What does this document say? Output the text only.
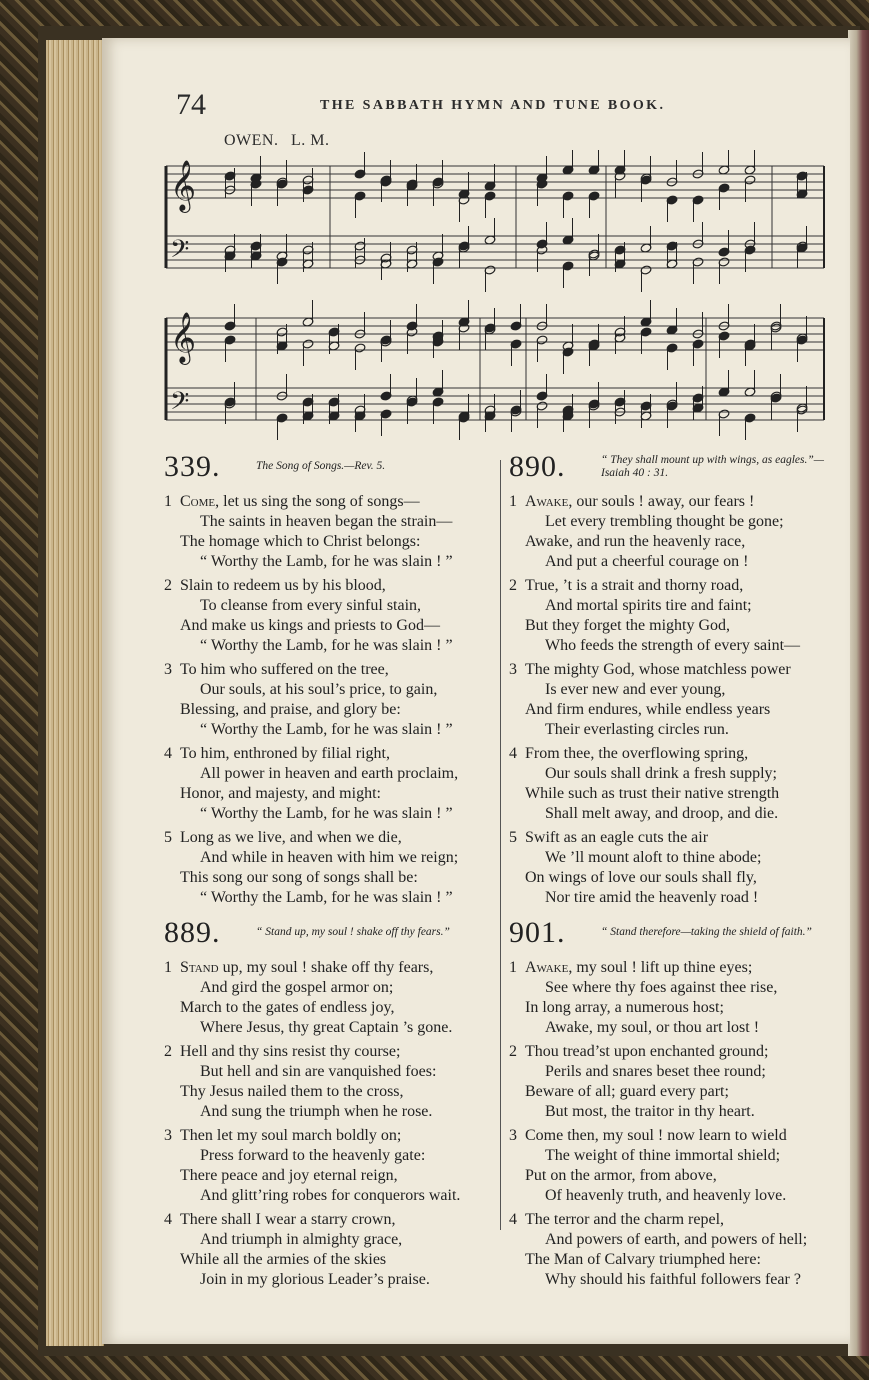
74	THE SABBATH HYMN AND TUNE BOOK.
OWEN. L. M.
𝄞
𝄢
𝄞
𝄢
339.	The Song of Songs.—Rev. 5.
1 Come, let us sing the song of songs—
The saints in heaven began the strain—
The homage which to Christ belongs:
“ Worthy the Lamb, for he was slain ! ”
2 Slain to redeem us by his blood,
To cleanse from every sinful stain,
And make us kings and priests to God—
“ Worthy the Lamb, for he was slain ! ”
3 To him who suffered on the tree,
Our souls, at his soul’s price, to gain,
Blessing, and praise, and glory be:
“ Worthy the Lamb, for he was slain ! ”
4 To him, enthroned by filial right,
All power in heaven and earth proclaim,
Honor, and majesty, and might:
“ Worthy the Lamb, for he was slain ! ”
5 Long as we live, and when we die,
And while in heaven with him we reign;
This song our song of songs shall be:
“ Worthy the Lamb, for he was slain ! ”
889.	“ Stand up, my soul ! shake off thy fears.”
1 Stand up, my soul ! shake off thy fears,
And gird the gospel armor on;
March to the gates of endless joy,
Where Jesus, thy great Captain ’s gone.
2 Hell and thy sins resist thy course;
But hell and sin are vanquished foes:
Thy Jesus nailed them to the cross,
And sung the triumph when he rose.
3 Then let my soul march boldly on;
Press forward to the heavenly gate:
There peace and joy eternal reign,
And glitt’ring robes for conquerors wait.
4 There shall I wear a starry crown,
And triumph in almighty grace,
While all the armies of the skies
Join in my glorious Leader’s praise.
890.	“ They shall mount up with wings, as eagles.”—Isaiah 40 : 31.
1 Awake, our souls ! away, our fears !
Let every trembling thought be gone;
Awake, and run the heavenly race,
And put a cheerful courage on !
2 True, ’t is a strait and thorny road,
And mortal spirits tire and faint;
But they forget the mighty God,
Who feeds the strength of every saint—
3 The mighty God, whose matchless power
Is ever new and ever young,
And firm endures, while endless years
Their everlasting circles run.
4 From thee, the overflowing spring,
Our souls shall drink a fresh supply;
While such as trust their native strength
Shall melt away, and droop, and die.
5 Swift as an eagle cuts the air
We ’ll mount aloft to thine abode;
On wings of love our souls shall fly,
Nor tire amid the heavenly road !
901.	“ Stand therefore—taking the shield of faith.”
1 Awake, my soul ! lift up thine eyes;
See where thy foes against thee rise,
In long array, a numerous host;
Awake, my soul, or thou art lost !
2 Thou tread’st upon enchanted ground;
Perils and snares beset thee round;
Beware of all; guard every part;
But most, the traitor in thy heart.
3 Come then, my soul ! now learn to wield
The weight of thine immortal shield;
Put on the armor, from above,
Of heavenly truth, and heavenly love.
4 The terror and the charm repel,
And powers of earth, and powers of hell;
The Man of Calvary triumphed here:
Why should his faithful followers fear ?
